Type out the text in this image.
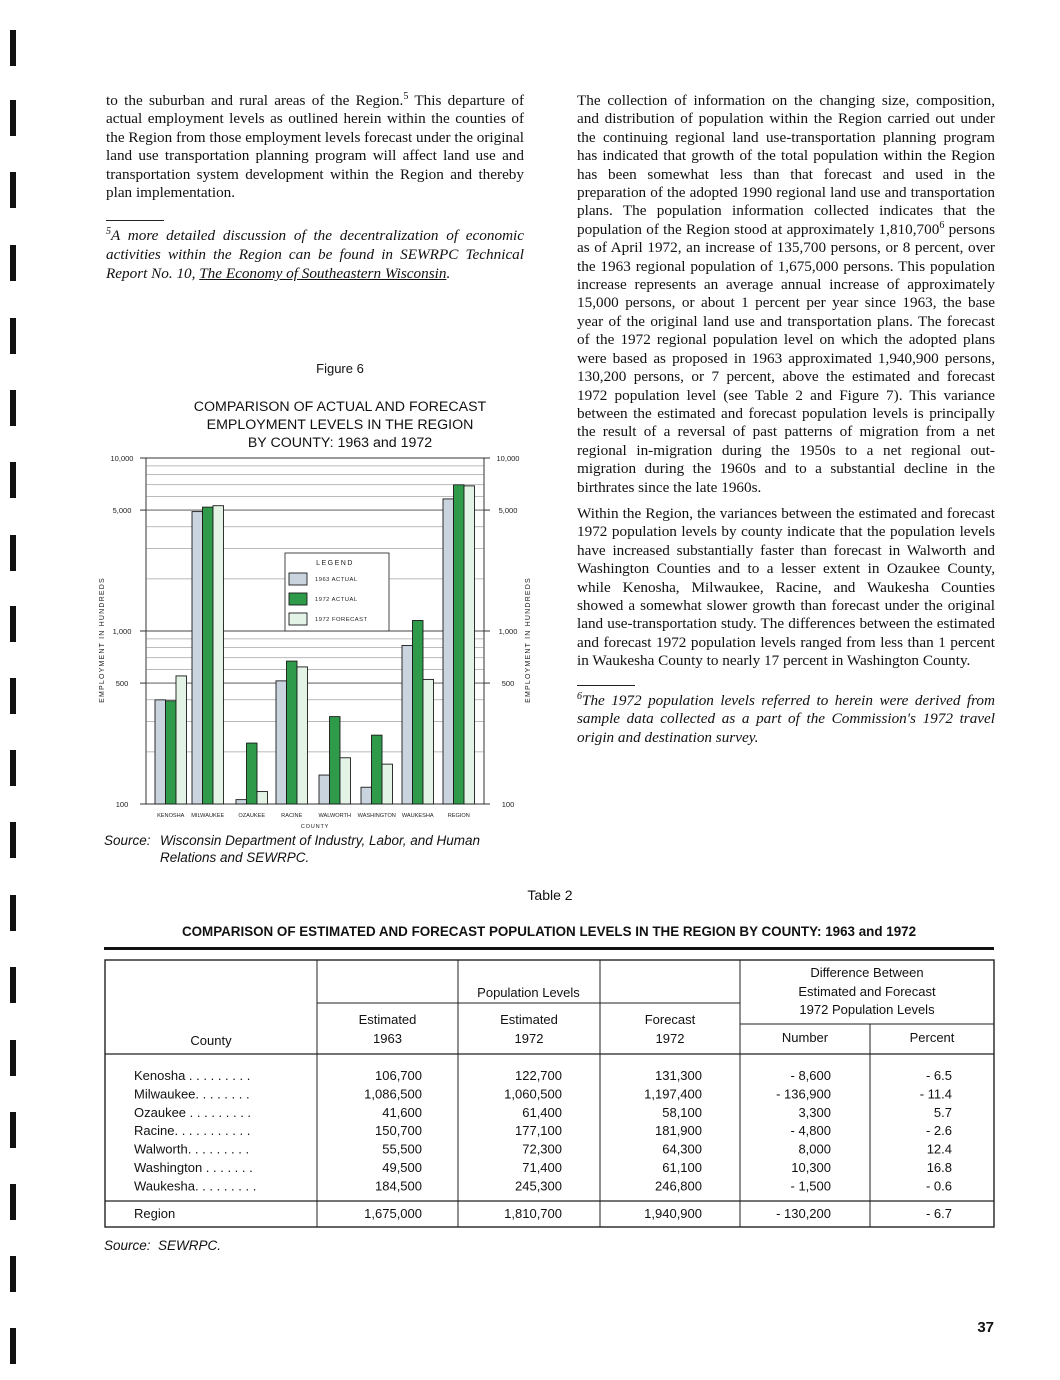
to the suburban and rural areas of the Region.$^5$ This departure of actual employment levels as outlined herein within the counties of the Region from those employment levels forecast under the original land use transportation planning program will affect land use and transportation system development within the Region and thereby plan implementation.

$^5$A more detailed discussion of the decentralization of economic activities within the Region can be found in SEWRPC Technical Report No. 10, The Economy of Southeastern Wisconsin.

The collection of information on the changing size, composition, and distribution of population within the Region carried out under the continuing regional land use-transportation planning program has indicated that growth of the total population within the Region has been somewhat less than that forecast and used in the preparation of the adopted 1990 regional land use and transportation plans. The population information collected indicates that the population of the Region stood at approximately 1,810,700$^6$ persons as of April 1972, an increase of 135,700 persons, or 8 percent, over the 1963 regional population of 1,675,000 persons. This population increase represents an average annual increase of approximately 15,000 persons, or about 1 percent per year since 1963, the base year of the original land use and transportation plans. The forecast of the 1972 regional population level on which the adopted plans were based as proposed in 1963 approximated 1,940,900 persons, 130,200 persons, or 7 percent, above the estimated and forecast 1972 population level (see Table 2 and Figure 7). This variance between the estimated and forecast population levels is principally the result of a reversal of past patterns of migration from a net regional in-migration during the 1950s to a net regional out-migration during the 1960s and to a substantial decline in the birthrates since the late 1960s.

Within the Region, the variances between the estimated and forecast 1972 population levels by county indicate that the population levels have increased substantially faster than forecast in Walworth and Washington Counties and to a lesser extent in Ozaukee County, while Kenosha, Milwaukee, Racine, and Waukesha Counties showed a somewhat slower growth than forecast under the original land use-transportation study. The differences between the estimated and forecast 1972 population levels ranged from less than 1 percent in Waukesha County to nearly 17 percent in Washington County.

$^6$The 1972 population levels referred to herein were derived from sample data collected as a part of the Commission's 1972 travel origin and destination survey.

Figure 6
COMPARISON OF ACTUAL AND FORECAST
EMPLOYMENT LEVELS IN THE REGION
BY COUNTY: 1963 and 1972
100	100
500	500
1,000	1,000
5,000	5,000
10,000	10,000
EMPLOYMENT IN HUNDREDS	EMPLOYMENT IN HUNDREDS
KENOSHA MILWAUKEE	OZAUKEE	RACINE	WALWORTH WASHINGTON WAUKESHA	REGION
COUNTY
LEGEND
1963 ACTUAL
1972 ACTUAL
1972 FORECAST
Source: Wisconsin Department of Industry, Labor, and Human Relations and SEWRPC.
Table 2
COMPARISON OF ESTIMATED AND FORECAST POPULATION LEVELS IN THE REGION BY COUNTY: 1963 and 1972
County
Population Levels
Difference Between
Estimated and Forecast
1972 Population Levels
Estimated
1963
Estimated
1972
Forecast
1972	Number	Percent
Kenosha . . . . . . . . .	106,700	122,700	131,300	- 8,600	- 6.5
Milwaukee. . . . . . . .	1,086,500	1,060,500	1,197,400	- 136,900	- 11.4
Ozaukee . . . . . . . . .	41,600	61,400	58,100	3,300	5.7
Racine. . . . . . . . . . .	150,700	177,100	181,900	- 4,800	- 2.6
Walworth. . . . . . . . .	55,500	72,300	64,300	8,000	12.4
Washington . . . . . . .	49,500	71,400	61,100	10,300	16.8
Waukesha. . . . . . . . .	184,500	245,300	246,800	- 1,500	- 0.6
Region	1,675,000	1,810,700	1,940,900	- 130,200	- 6.7
Source: SEWRPC.
37
